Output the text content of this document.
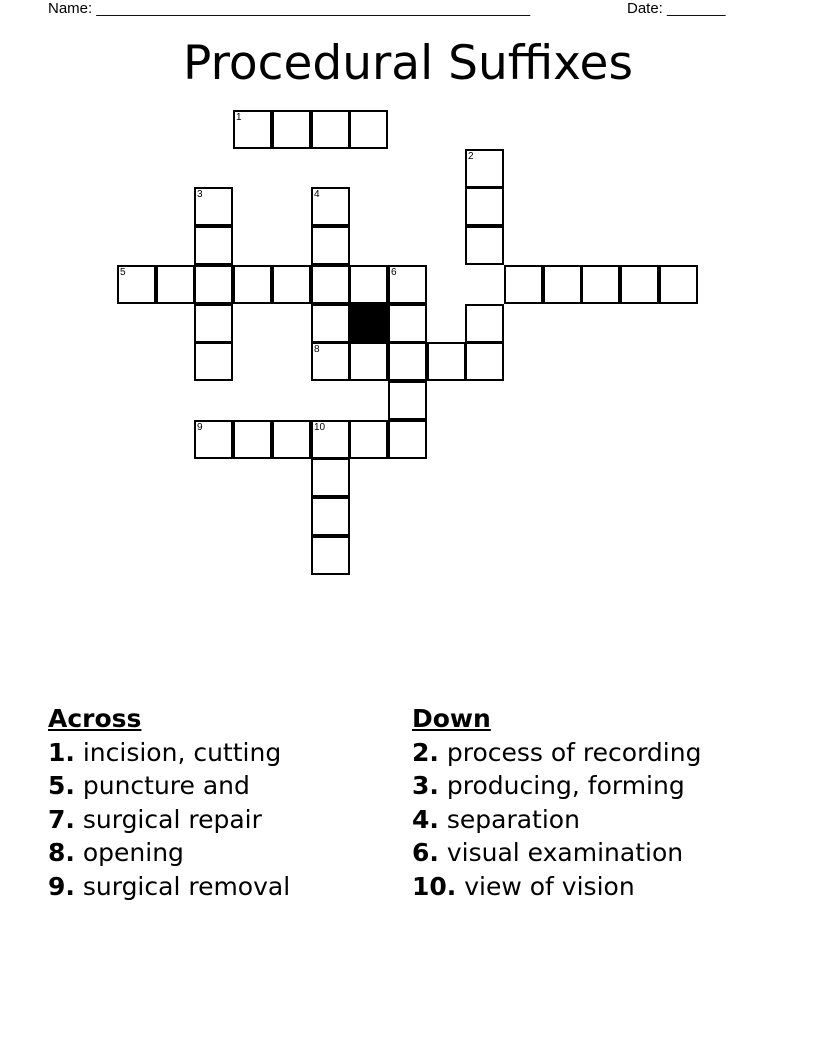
Name: ____________________________________________________	Date: _______
Procedural Suffixes
1
2
3	4
8
5	6
9	10
Across
1. incision, cutting
5. puncture and
7. surgical repair
8. opening
9. surgical removal
Down
2. process of recording
3. producing, forming
4. separation
6. visual examination
10. view of vision
